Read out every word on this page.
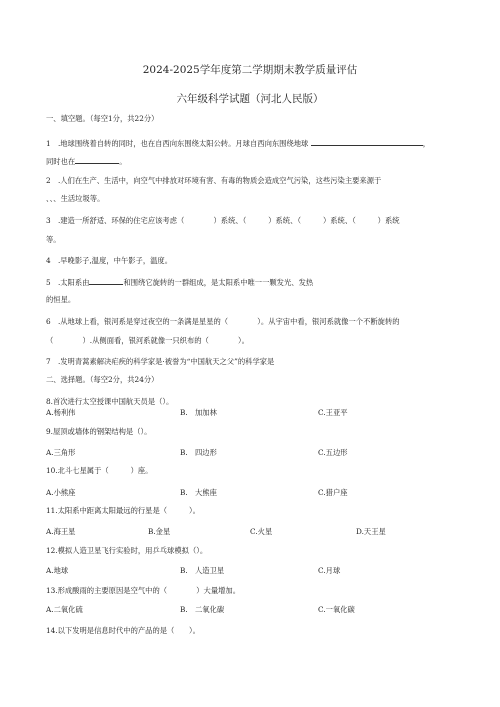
2024-2025学年度第二学期期末教学质量评估
六年级科学试题（河北人民版）
一、填空题。（每空1分，共22分）
1　.地球围绕着自转的同时，也在自西向东围绕太阳公转。月球自西向东围绕地球	，
同时也在	。
2　.人们在生产、生活中，向空气中排放对环境有害、有毒的物质会造成空气污染，这些污染主要来源于
、、、生活垃圾等。
3　.建造一所舒适、环保的住宅应该考虑（　　　　）系统、（　　　）系统、（　　　）系统、（　　　）系统
等。
4　.早晚影子,温度，中午影子，温度。
5　.太阳系由	和围绕它旋转的一群组成，是太阳系中唯一一颗发光、发热
的恒星。
6　.从地球上看，银河系是穿过夜空的一条满是星星的（　　　　）。从宇宙中看，银河系就像一个不断旋转的
（　　　　）.从侧面看，银河系就像一只织布的（　　　　）。
7　.发明青蒿素解决疟疾的科学家是·被誉为“中国航天之父”的科学家是
二、选择题。（每空2分，共24分）
8.首次进行太空授课中国航天员是（）。
A.杨利伟	B.　加加林	C.王亚平
9.屋顶或墙体的钢架结构是（）。
A.三角形	B.　四边形	C.五边形
10.北斗七星属于（　　　）座。
A.小熊座	B.　大熊座	C.猎户座
11.太阳系中距离太阳最远的行星是（　　　）。
A.海王星	B.金星	C.火星	D.天王星
12.模拟人造卫星飞行实验时，用乒乓球模拟（）。
A.地球	B.　人造卫星	C.月球
13.形成酸雨的主要原因是空气中的（　　　　）大量增加。
A.二氧化硫	B.　二氧化碳	C.一氧化碳
14.以下发明是信息时代中的产品的是（　　）。
